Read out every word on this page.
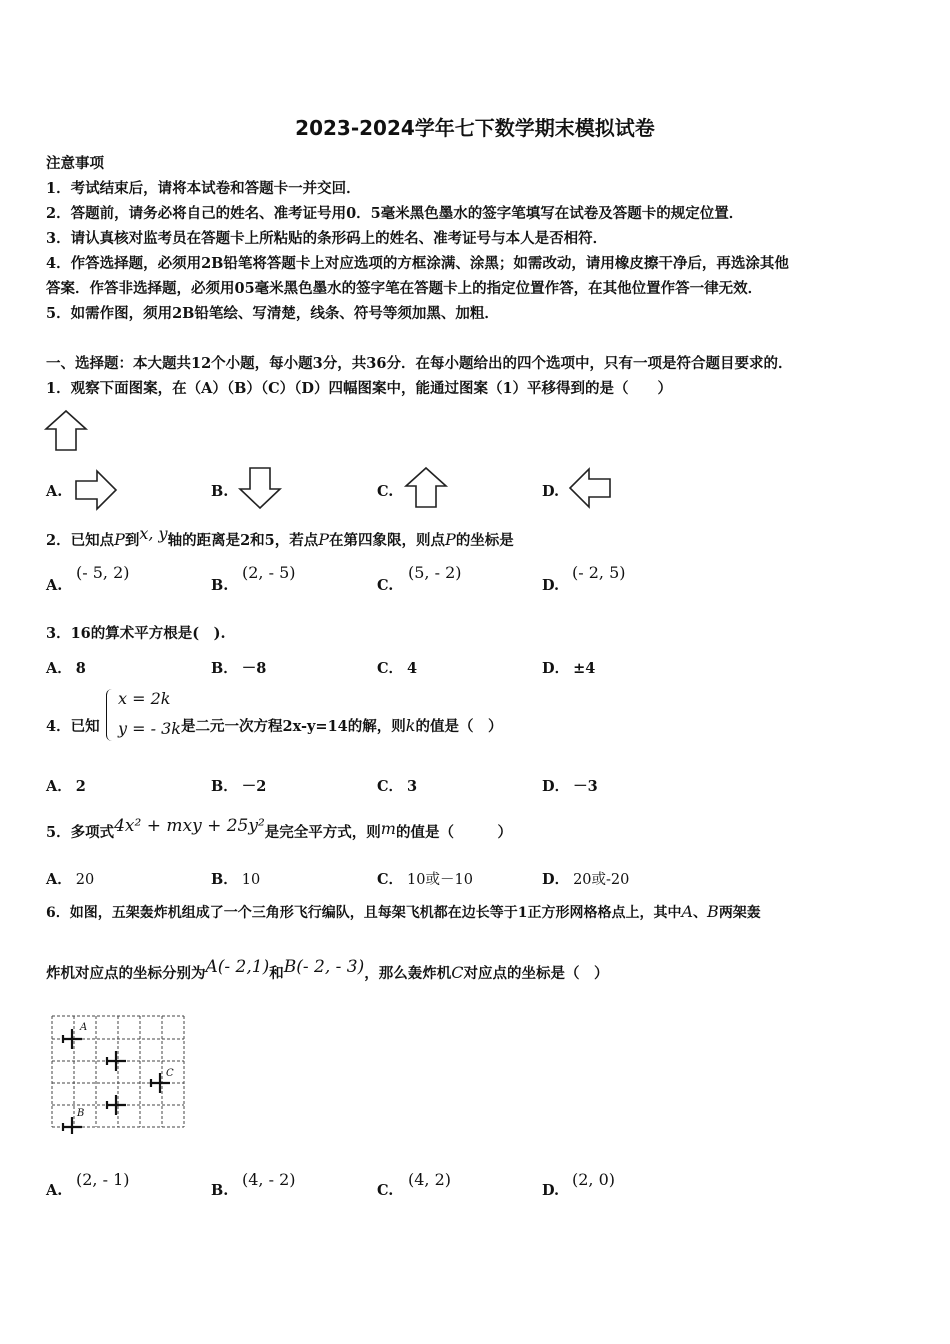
2023-2024学年七下数学期末模拟试卷
注意事项
1．考试结束后，请将本试卷和答题卡一并交回．
2．答题前，请务必将自己的姓名、准考证号用0．5毫米黑色墨水的签字笔填写在试卷及答题卡的规定位置．
3．请认真核对监考员在答题卡上所粘贴的条形码上的姓名、准考证号与本人是否相符．
4．作答选择题，必须用2B铅笔将答题卡上对应选项的方框涂满、涂黑；如需改动，请用橡皮擦干净后，再选涂其他
答案．作答非选择题，必须用05毫米黑色墨水的签字笔在答题卡上的指定位置作答，在其他位置作答一律无效．
5．如需作图，须用2B铅笔绘、写清楚，线条、符号等须加黑、加粗．
一、选择题：本大题共12个小题，每小题3分，共36分．在每小题给出的四个选项中，只有一项是符合题目要求的．
1．观察下面图案，在（A）（B）（C）（D）四幅图案中，能通过图案（1）平移得到的是（　　）
A.	B.	C.	D.
2．已知点P到x, y轴的距离是2和5，若点P在第四象限，则点P的坐标是
A.
(- 5, 2)
B.
(2, - 5)
C.
(5, - 2)
D.
(- 2, 5)
3．16的算术平方根是(　).
A． 8	B． －8	C． 4	D． ±4
4．已知
x = 2k
y = - 3k 是二元一次方程2x-y=14的解，则k的值是（　）
A． 2	B． －2	C． 3	D． －3
5．多项式4x² + mxy + 25y²是完全平方式，则m的值是（　　　）
A． 20	B． 10	C． 10或－10	D． 20或-20
6．如图，五架轰炸机组成了一个三角形飞行编队，且每架飞机都在边长等于1正方形网格格点上，其中A、B两架轰
炸机对应点的坐标分别为A(- 2,1)和B(- 2, - 3)，那么轰炸机C对应点的坐标是（　）
A
B
C
A.
(2, - 1)
B.
(4, - 2)
C.
(4, 2)
D.
(2, 0)
